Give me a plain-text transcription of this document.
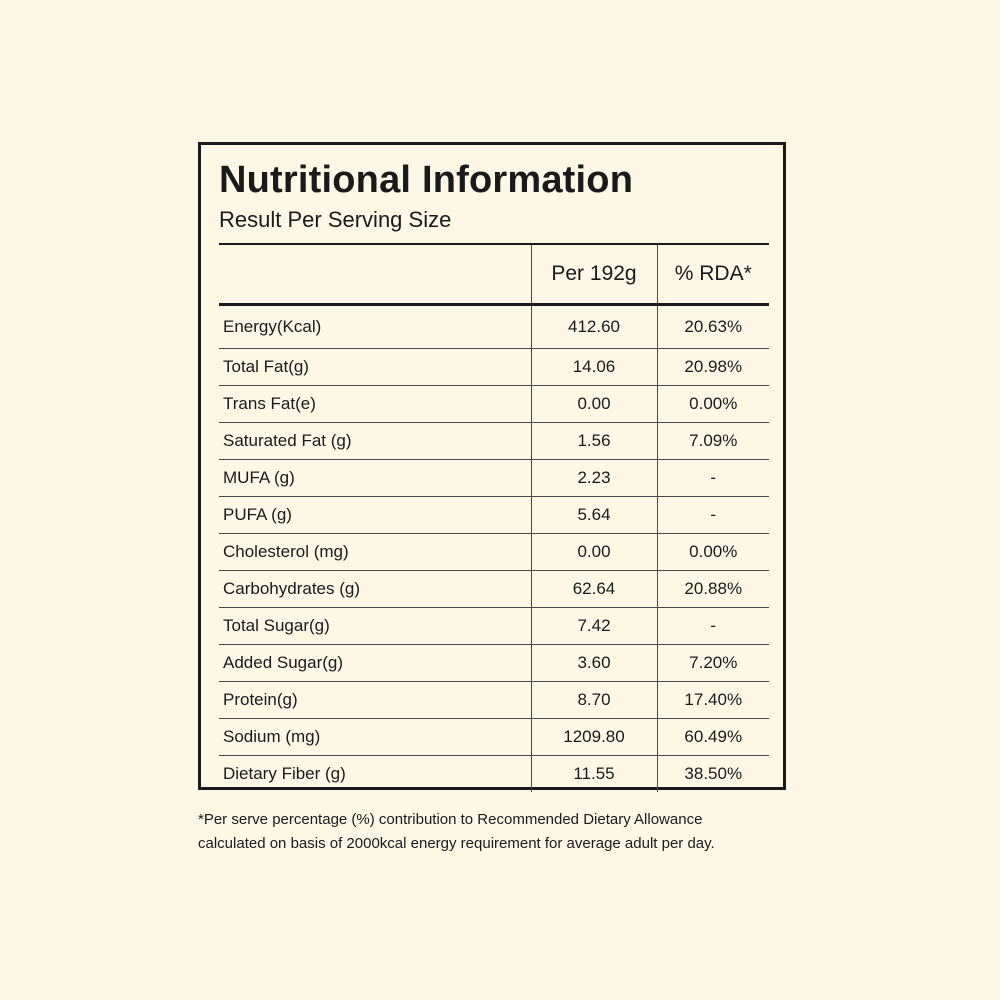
Nutritional Information
Result Per Serving Size
	Per 192g	% RDA*
Energy(Kcal)	412.60	20.63%
Total Fat(g)	14.06	20.98%
Trans Fat(e)	0.00	0.00%
Saturated Fat (g)	1.56	7.09%
MUFA (g)	2.23	-
PUFA (g)	5.64	-
Cholesterol (mg)	0.00	0.00%
Carbohydrates (g)	62.64	20.88%
Total Sugar(g)	7.42	-
Added Sugar(g)	3.60	7.20%
Protein(g)	8.70	17.40%
Sodium (mg)	1209.80	60.49%
Dietary Fiber (g)	11.55	38.50%

*Per serve percentage (%) contribution to Recommended Dietary Allowance

calculated on basis of 2000kcal energy requirement for average adult per day.
